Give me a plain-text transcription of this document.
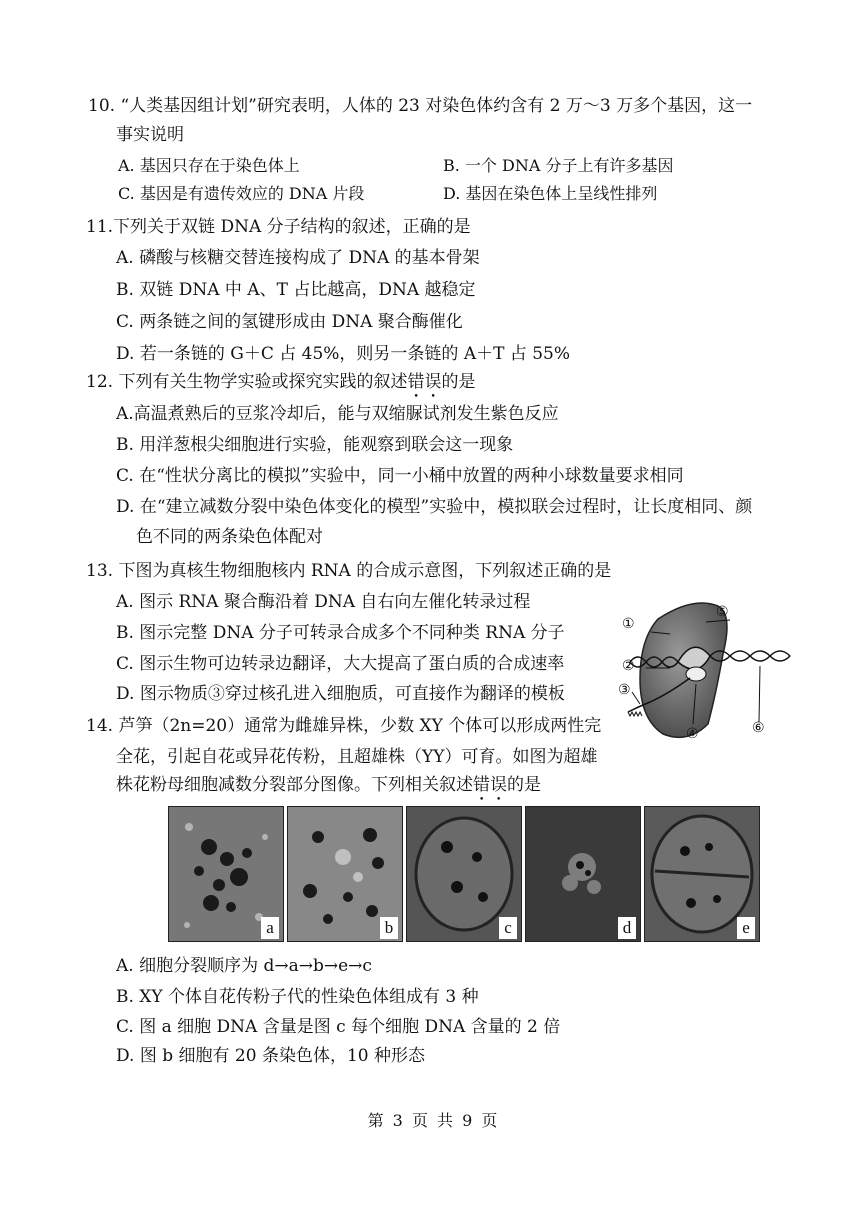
10. “人类基因组计划”研究表明，人体的 23 对染色体约含有 2 万～3 万多个基因，这一
事实说明
A. 基因只存在于染色体上	B. 一个 DNA 分子上有许多基因
C. 基因是有遗传效应的 DNA 片段	D. 基因在染色体上呈线性排列
11.下列关于双链 DNA 分子结构的叙述，正确的是
A. 磷酸与核糖交替连接构成了 DNA 的基本骨架
B. 双链 DNA 中 A、T 占比越高，DNA 越稳定
C. 两条链之间的氢键形成由 DNA 聚合酶催化
D. 若一条链的 G＋C 占 45%，则另一条链的 A＋T 占 55%
12. 下列有关生物学实验或探究实践的叙述错误的是
A.高温煮熟后的豆浆冷却后，能与双缩脲试剂发生紫色反应
B. 用洋葱根尖细胞进行实验，能观察到联会这一现象
C. 在“性状分离比的模拟”实验中，同一小桶中放置的两种小球数量要求相同
D. 在“建立减数分裂中染色体变化的模型”实验中，模拟联会过程时，让长度相同、颜
色不同的两条染色体配对
13. 下图为真核生物细胞核内 RNA 的合成示意图，下列叙述正确的是
A. 图示 RNA 聚合酶沿着 DNA 自右向左催化转录过程
B. 图示完整 DNA 分子可转录合成多个不同种类 RNA 分子
C. 图示生物可边转录边翻译，大大提高了蛋白质的合成速率
D. 图示物质③穿过核孔进入细胞质，可直接作为翻译的模板
①
⑤
②
③
④	⑥
14. 芦笋（2n=20）通常为雌雄异株，少数 XY 个体可以形成两性完
全花，引起自花或异花传粉，且超雄株（YY）可育。如图为超雄
株花粉母细胞减数分裂部分图像。下列相关叙述错误的是
a	b	c	d	e
A. 细胞分裂顺序为 d→a→b→e→c
B. XY 个体自花传粉子代的性染色体组成有 3 种
C. 图 a 细胞 DNA 含量是图 c 每个细胞 DNA 含量的 2 倍
D. 图 b 细胞有 20 条染色体，10 种形态
第 3 页 共 9 页
